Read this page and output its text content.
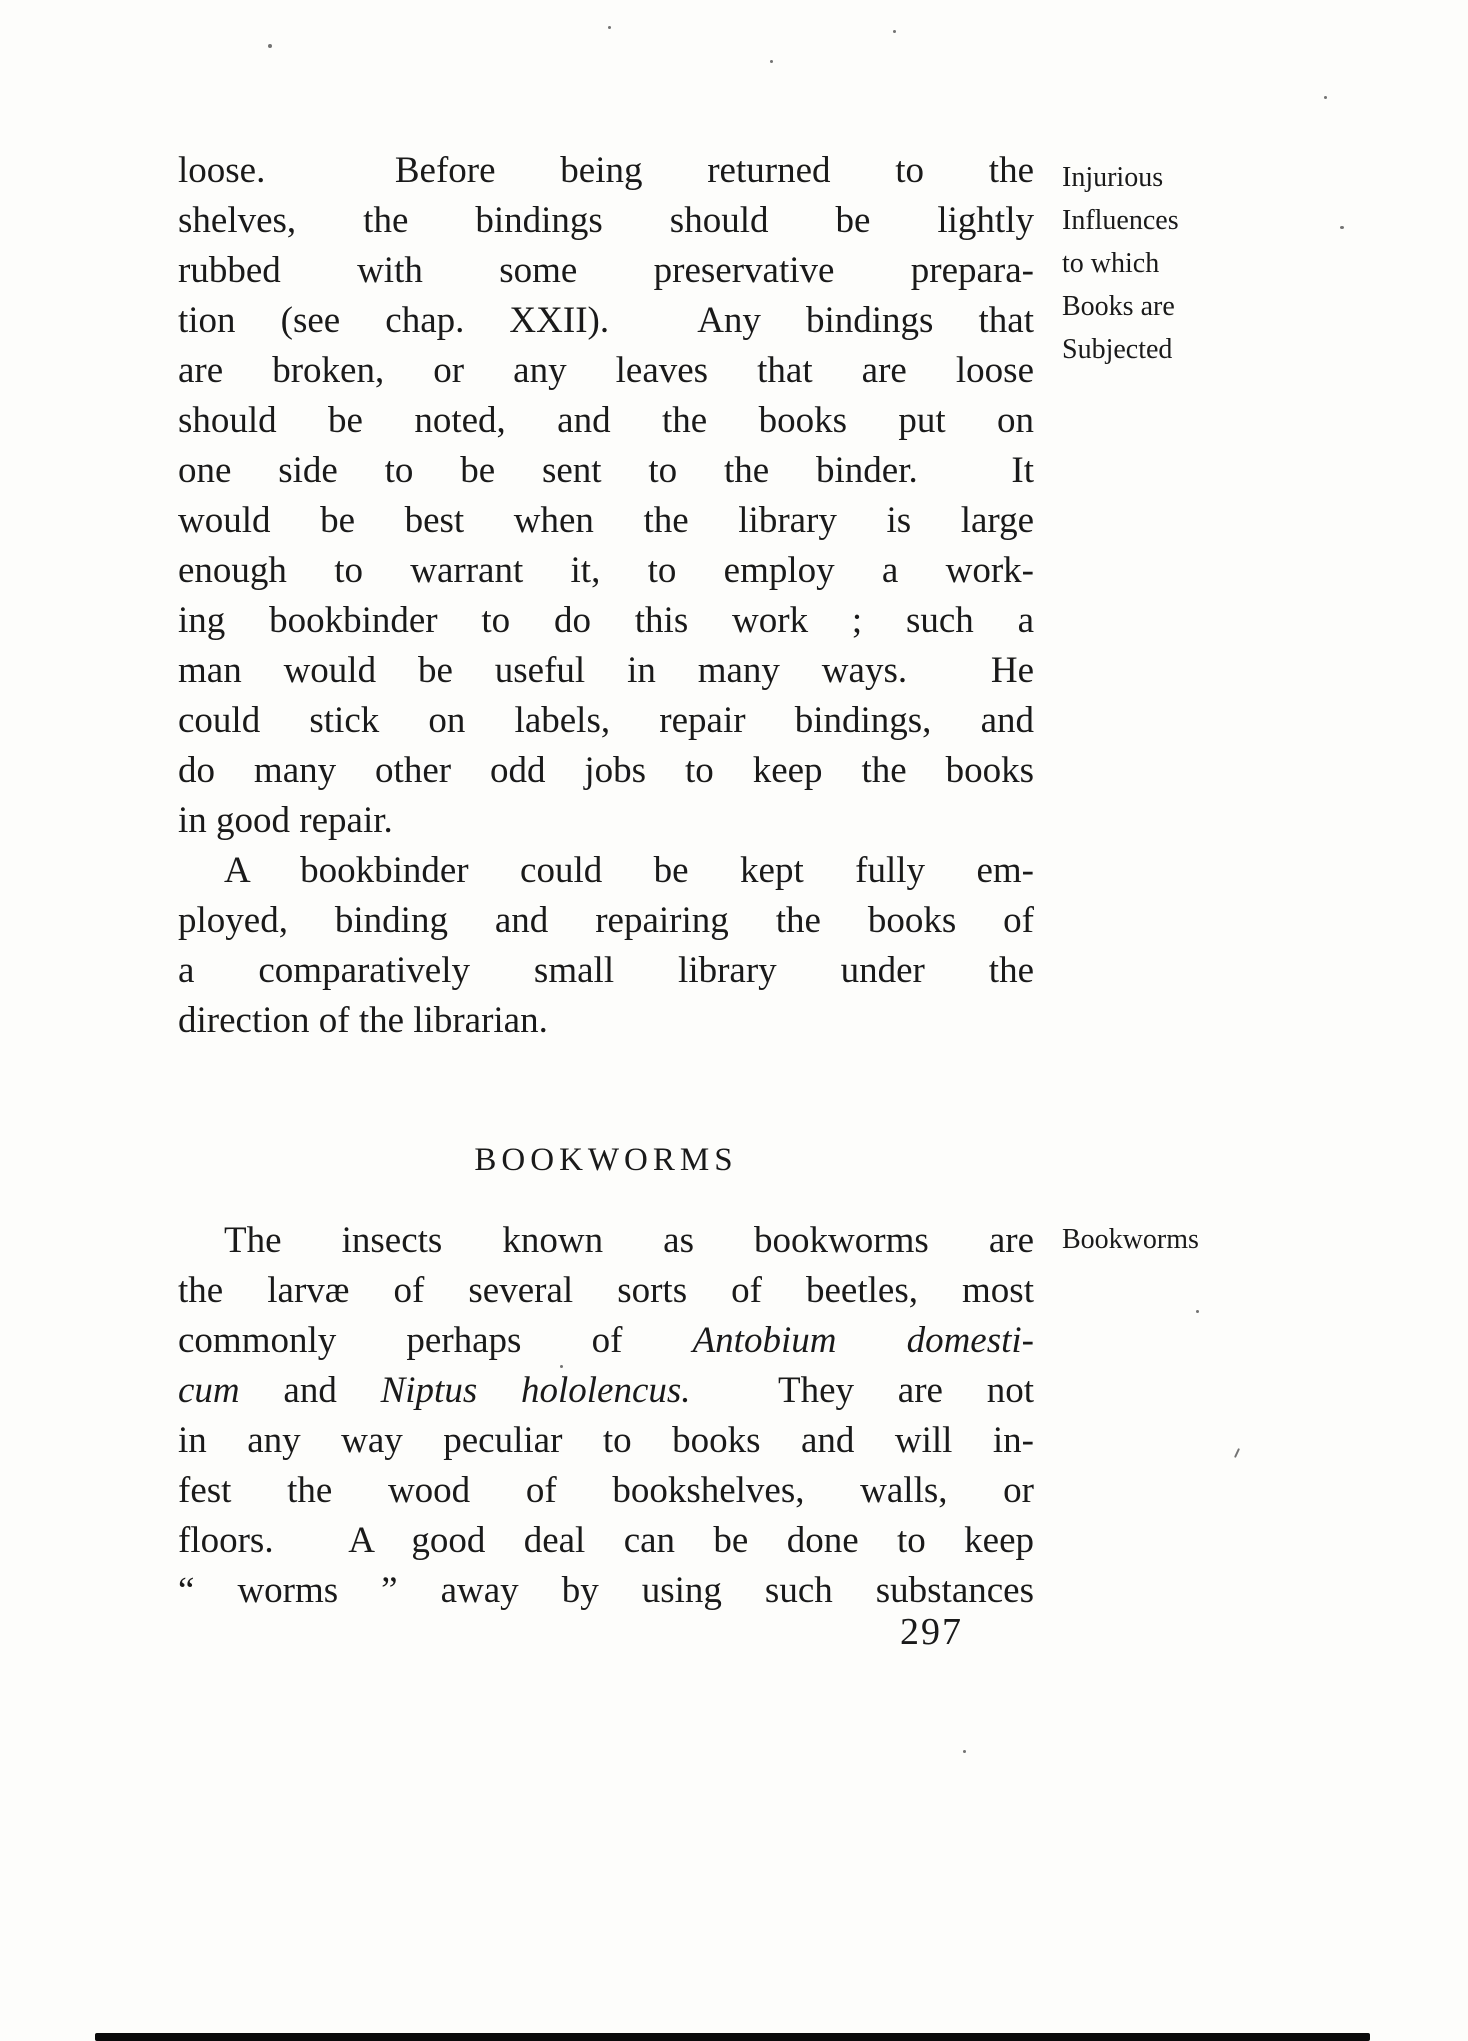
loose.  Before being returned to the
shelves, the bindings should be lightly
rubbed with some preservative prepara-
tion (see chap. XXII).  Any bindings that
are broken, or any leaves that are loose
should be noted, and the books put on
one side to be sent to the binder.  It
would be best when the library is large
enough to warrant it, to employ a work-
ing bookbinder to do this work ; such a
man would be useful in many ways.  He
could stick on labels, repair bindings, and
do many other odd jobs to keep the books
in good repair.
A bookbinder could be kept fully em-
ployed, binding and repairing the books of
a comparatively small library under the
direction of the librarian.
BOOKWORMS
The insects known as bookworms are
the larvæ of several sorts of beetles, most
commonly perhaps of Antobium domesti-
cum and Niptus hololencus.  They are not
in any way peculiar to books and will in-
fest the wood of bookshelves, walls, or
floors.  A good deal can be done to keep
“ worms ” away by using such substances
Injurious
Influences
to which
Books are
Subjected
Bookworms
297
